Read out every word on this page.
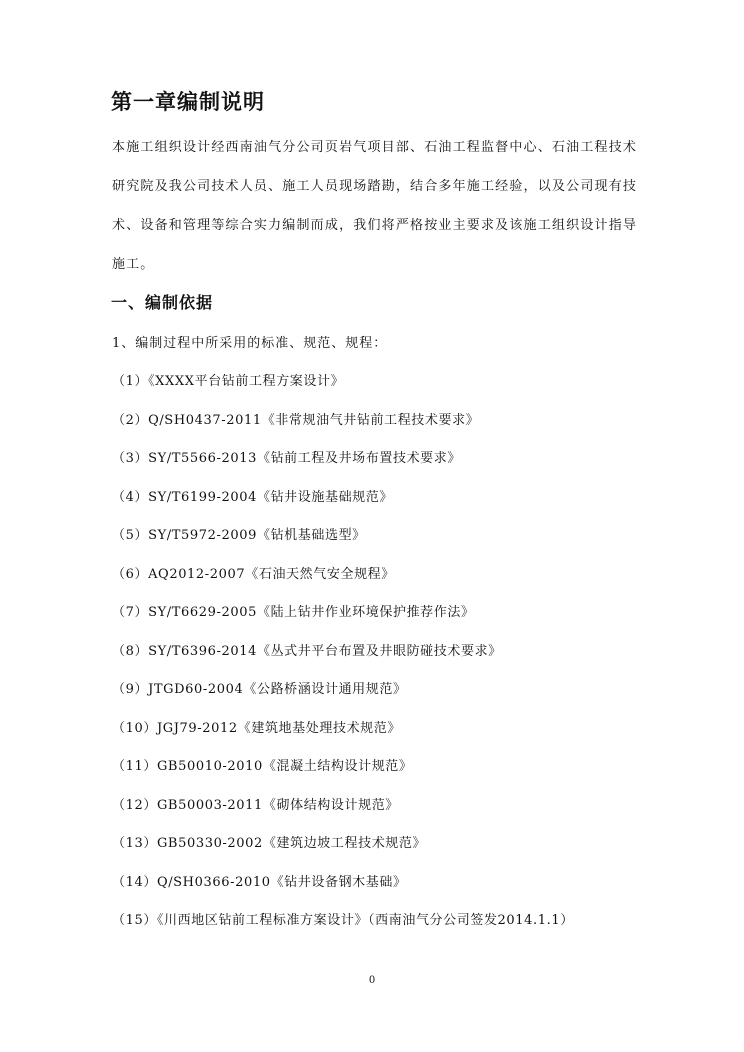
第一章编制说明

本施工组织设计经西南油气分公司页岩气项目部、石油工程监督中心、石油工程技术研究院及我公司技术人员、施工人员现场踏勘，结合多年施工经验，以及公司现有技术、设备和管理等综合实力编制而成，我们将严格按业主要求及该施工组织设计指导施工。

一、编制依据

1、编制过程中所采用的标准、规范、规程：

（1）《XXXX平台钻前工程方案设计》
（2）Q/SH0437-2011《非常规油气井钻前工程技术要求》
（3）SY/T5566-2013《钻前工程及井场布置技术要求》
（4）SY/T6199-2004《钻井设施基础规范》
（5）SY/T5972-2009《钻机基础选型》
（6）AQ2012-2007《石油天然气安全规程》
（7）SY/T6629-2005《陆上钻井作业环境保护推荐作法》
（8）SY/T6396-2014《丛式井平台布置及井眼防碰技术要求》
（9）JTGD60-2004《公路桥涵设计通用规范》
（10）JGJ79-2012《建筑地基处理技术规范》
（11）GB50010-2010《混凝土结构设计规范》
（12）GB50003-2011《砌体结构设计规范》
（13）GB50330-2002《建筑边坡工程技术规范》
（14）Q/SH0366-2010《钻井设备钢木基础》
（15）《川西地区钻前工程标准方案设计》（西南油气分公司签发2014.1.1）

0
